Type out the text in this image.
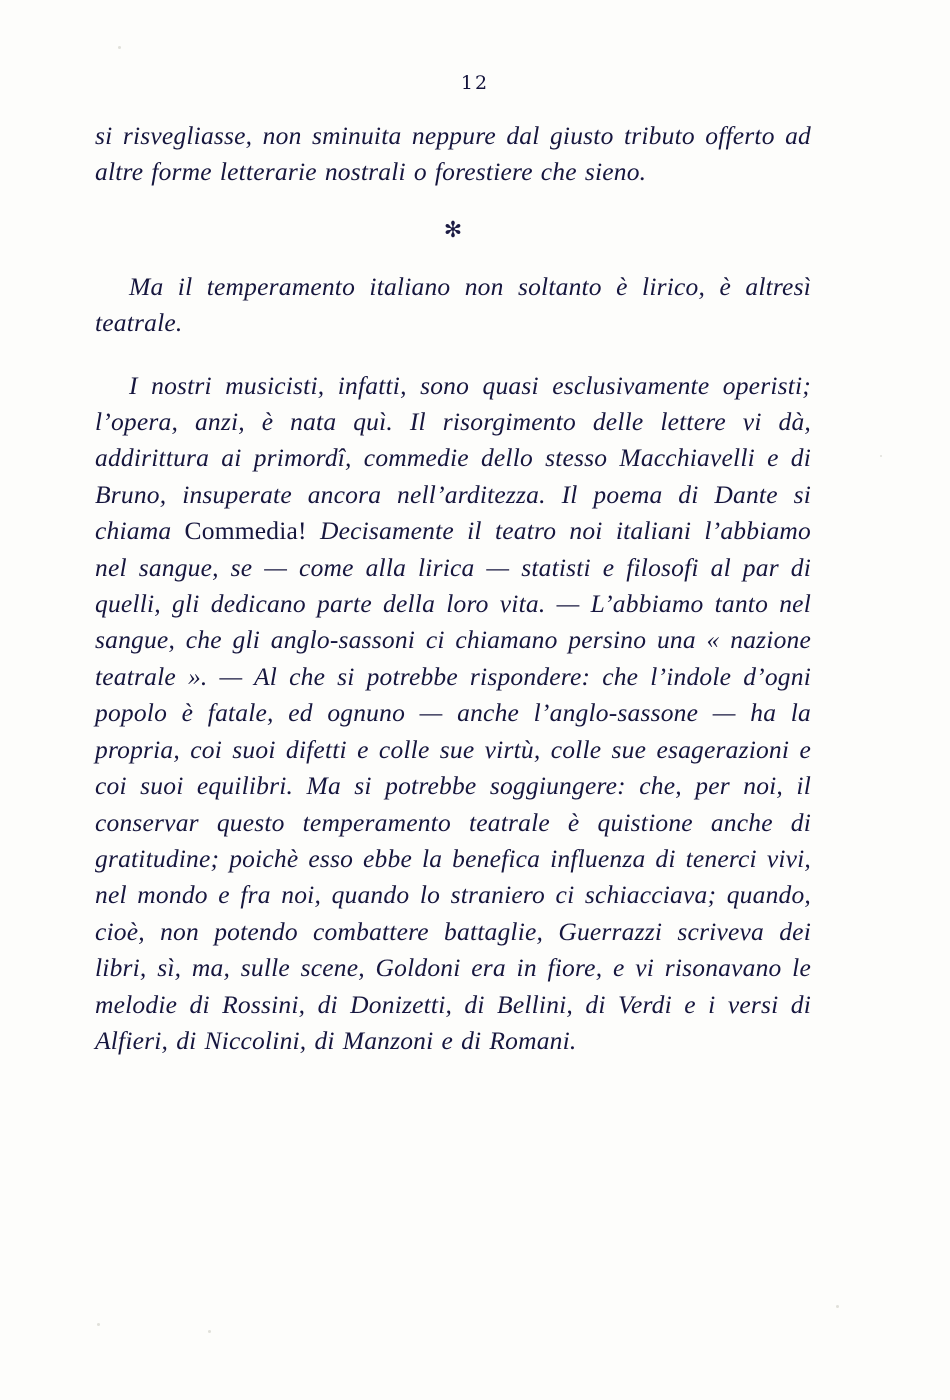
12

si risvegliasse, non sminuita neppure dal giusto tributo offerto ad altre forme letterarie nostrali o forestiere che sieno.

✻

Ma il temperamento italiano non soltanto è lirico, è altresì teatrale.

I nostri musicisti, infatti, sono quasi esclusivamente operisti; l’opera, anzi, è nata quì. Il risorgimento delle lettere vi dà, addirittura ai primordî, commedie dello stesso Macchiavelli e di Bruno, insuperate ancora nell’arditezza. Il poema di Dante si chiama Commedia! Decisamente il teatro noi italiani l’abbiamo nel sangue, se — come alla lirica — statisti e filosofi al par di quelli, gli dedicano parte della loro vita. — L’abbiamo tanto nel sangue, che gli anglo-sassoni ci chiamano persino una « nazione teatrale ». — Al che si potrebbe rispondere: che l’indole d’ogni popolo è fatale, ed ognuno — anche l’anglo-sassone — ha la propria, coi suoi difetti e colle sue virtù, colle sue esagerazioni e coi suoi equilibri. Ma si potrebbe soggiungere: che, per noi, il conservar questo temperamento teatrale è quistione anche di gratitudine; poichè esso ebbe la benefica influenza di tenerci vivi, nel mondo e fra noi, quando lo straniero ci schiacciava; quando, cioè, non potendo combattere battaglie, Guerrazzi scriveva dei libri, sì, ma, sulle scene, Goldoni era in fiore, e vi risonavano le melodie di Rossini, di Donizetti, di Bellini, di Verdi e i versi di Alfieri, di Niccolini, di Manzoni e di Romani.
